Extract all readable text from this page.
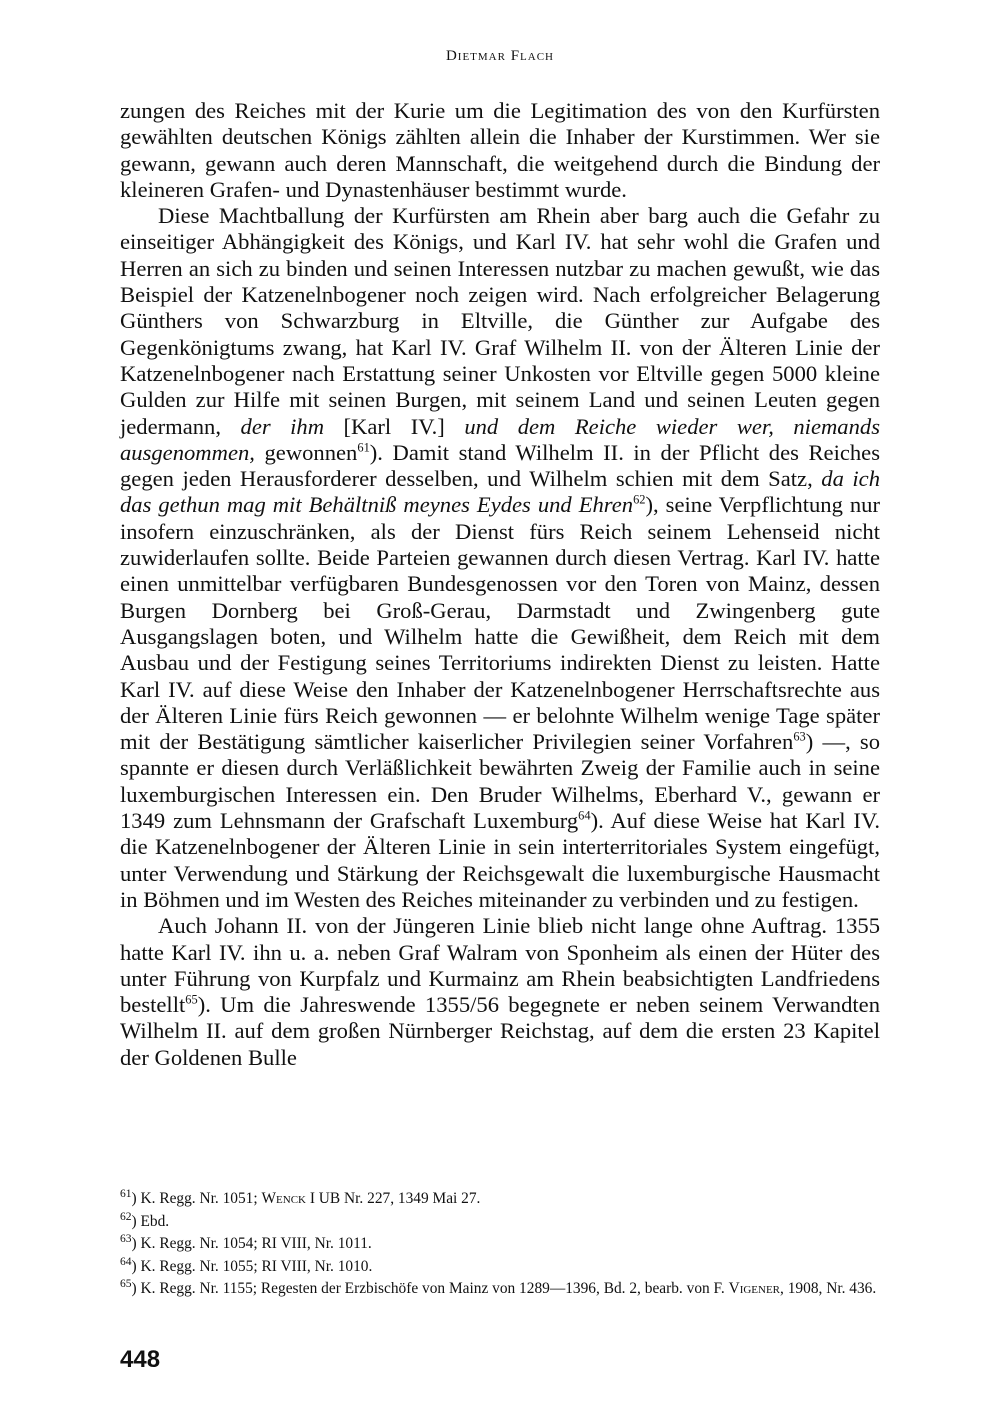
Dietmar Flach

zungen des Reiches mit der Kurie um die Legitimation des von den Kurfürsten gewählten deutschen Königs zählten allein die Inhaber der Kurstimmen. Wer sie gewann, gewann auch deren Mannschaft, die weitgehend durch die Bindung der kleineren Grafen- und Dynastenhäuser bestimmt wurde.

Diese Machtballung der Kurfürsten am Rhein aber barg auch die Gefahr zu einseitiger Abhängigkeit des Königs, und Karl IV. hat sehr wohl die Grafen und Herren an sich zu binden und seinen Interessen nutzbar zu machen gewußt, wie das Beispiel der Katzenelnbogener noch zeigen wird. Nach erfolgreicher Belagerung Günthers von Schwarzburg in Eltville, die Günther zur Aufgabe des Gegenkönigtums zwang, hat Karl IV. Graf Wilhelm II. von der Älteren Linie der Katzenelnbogener nach Erstattung seiner Unkosten vor Eltville gegen 5000 kleine Gulden zur Hilfe mit seinen Burgen, mit seinem Land und seinen Leuten gegen jedermann, der ihm [Karl IV.] und dem Reiche wieder wer, niemands ausgenommen, gewonnen$^{61}$). Damit stand Wilhelm II. in der Pflicht des Reiches gegen jeden Herausforderer desselben, und Wilhelm schien mit dem Satz, da ich das gethun mag mit Behältniß meynes Eydes und Ehren$^{62}$), seine Verpflichtung nur insofern einzuschränken, als der Dienst fürs Reich seinem Lehenseid nicht zuwiderlaufen sollte. Beide Parteien gewannen durch diesen Vertrag. Karl IV. hatte einen unmittelbar verfügbaren Bundesgenossen vor den Toren von Mainz, dessen Burgen Dornberg bei Groß-Gerau, Darmstadt und Zwingenberg gute Ausgangslagen boten, und Wilhelm hatte die Gewißheit, dem Reich mit dem Ausbau und der Festigung seines Territoriums indirekten Dienst zu leisten. Hatte Karl IV. auf diese Weise den Inhaber der Katzenelnbogener Herrschaftsrechte aus der Älteren Linie fürs Reich gewonnen — er belohnte Wilhelm wenige Tage später mit der Bestätigung sämtlicher kaiserlicher Privilegien seiner Vorfahren$^{63}$) —, so spannte er diesen durch Verläßlichkeit bewährten Zweig der Familie auch in seine luxemburgischen Interessen ein. Den Bruder Wilhelms, Eberhard V., gewann er 1349 zum Lehnsmann der Grafschaft Luxemburg$^{64}$). Auf diese Weise hat Karl IV. die Katzenelnbogener der Älteren Linie in sein interterritoriales System eingefügt, unter Verwendung und Stärkung der Reichsgewalt die luxemburgische Hausmacht in Böhmen und im Westen des Reiches miteinander zu verbinden und zu festigen.

Auch Johann II. von der Jüngeren Linie blieb nicht lange ohne Auftrag. 1355 hatte Karl IV. ihn u. a. neben Graf Walram von Sponheim als einen der Hüter des unter Führung von Kurpfalz und Kurmainz am Rhein beabsichtigten Landfriedens bestellt$^{65}$). Um die Jahreswende 1355/56 begegnete er neben seinem Verwandten Wilhelm II. auf dem großen Nürnberger Reichstag, auf dem die ersten 23 Kapitel der Goldenen Bulle

$^{61}$) K. Regg. Nr. 1051; Wenck I UB Nr. 227, 1349 Mai 27.
$^{62}$) Ebd.
$^{63}$) K. Regg. Nr. 1054; RI VIII, Nr. 1011.
$^{64}$) K. Regg. Nr. 1055; RI VIII, Nr. 1010.
$^{65}$) K. Regg. Nr. 1155; Regesten der Erzbischöfe von Mainz von 1289—1396, Bd. 2, bearb. von F. Vigener, 1908, Nr. 436.
448
